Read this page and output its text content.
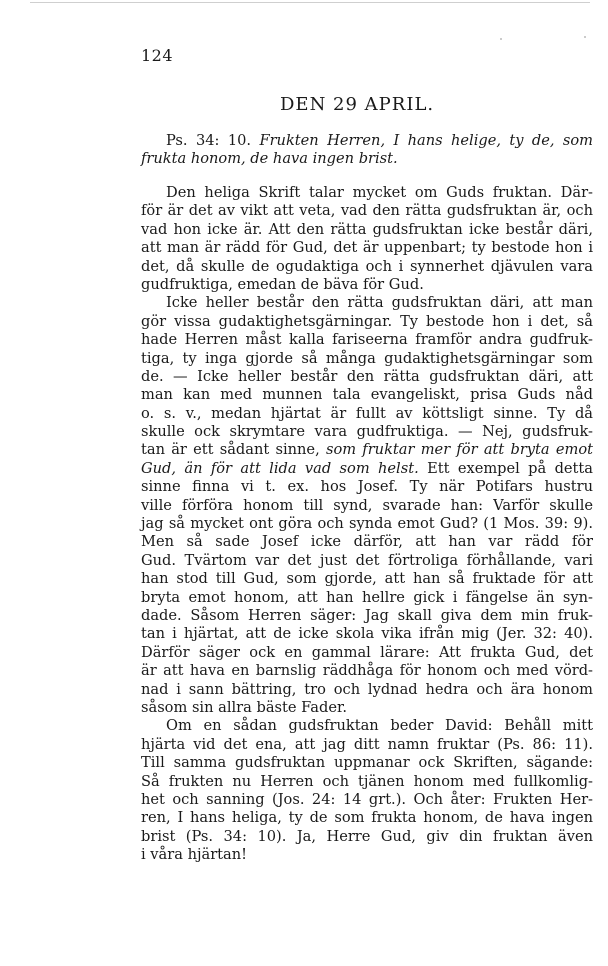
124
DEN 29 APRIL.
Ps. 34: 10. Frukten Herren, I hans helige, ty de, som
frukta honom, de hava ingen brist.
Den heliga Skrift talar mycket om Guds fruktan. Där-
för är det av vikt att veta, vad den rätta gudsfruktan är, och
vad hon icke är. Att den rätta gudsfruktan icke består däri,
att man är rädd för Gud, det är uppenbart; ty bestode hon i
det, då skulle de ogudaktiga och i synnerhet djävulen vara
gudfruktiga, emedan de bäva för Gud.
Icke heller består den rätta gudsfruktan däri, att man
gör vissa gudaktighetsgärningar. Ty bestode hon i det, så
hade Herren måst kalla fariseerna framför andra gudfruk-
tiga, ty inga gjorde så många gudaktighetsgärningar som
de. — Icke heller består den rätta gudsfruktan däri, att
man kan med munnen tala evangeliskt, prisa Guds nåd
o. s. v., medan hjärtat är fullt av köttsligt sinne. Ty då
skulle ock skrymtare vara gudfruktiga. — Nej, gudsfruk-
tan är ett sådant sinne, som fruktar mer för att bryta emot
Gud, än för att lida vad som helst. Ett exempel på detta
sinne finna vi t. ex. hos Josef. Ty när Potifars hustru
ville förföra honom till synd, svarade han: Varför skulle
jag så mycket ont göra och synda emot Gud? (1 Mos. 39: 9).
Men så sade Josef icke därför, att han var rädd för
Gud. Tvärtom var det just det förtroliga förhållande, vari
han stod till Gud, som gjorde, att han så fruktade för att
bryta emot honom, att han hellre gick i fängelse än syn-
dade. Såsom Herren säger: Jag skall giva dem min fruk-
tan i hjärtat, att de icke skola vika ifrån mig (Jer. 32: 40).
Därför säger ock en gammal lärare: Att frukta Gud, det
är att hava en barnslig räddhåga för honom och med vörd-
nad i sann bättring, tro och lydnad hedra och ära honom
såsom sin allra bäste Fader.
Om en sådan gudsfruktan beder David: Behåll mitt
hjärta vid det ena, att jag ditt namn fruktar (Ps. 86: 11).
Till samma gudsfruktan uppmanar ock Skriften, sägande:
Så frukten nu Herren och tjänen honom med fullkomlig-
het och sanning (Jos. 24: 14 grt.). Och åter: Frukten Her-
ren, I hans heliga, ty de som frukta honom, de hava ingen
brist (Ps. 34: 10). Ja, Herre Gud, giv din fruktan även
i våra hjärtan!
